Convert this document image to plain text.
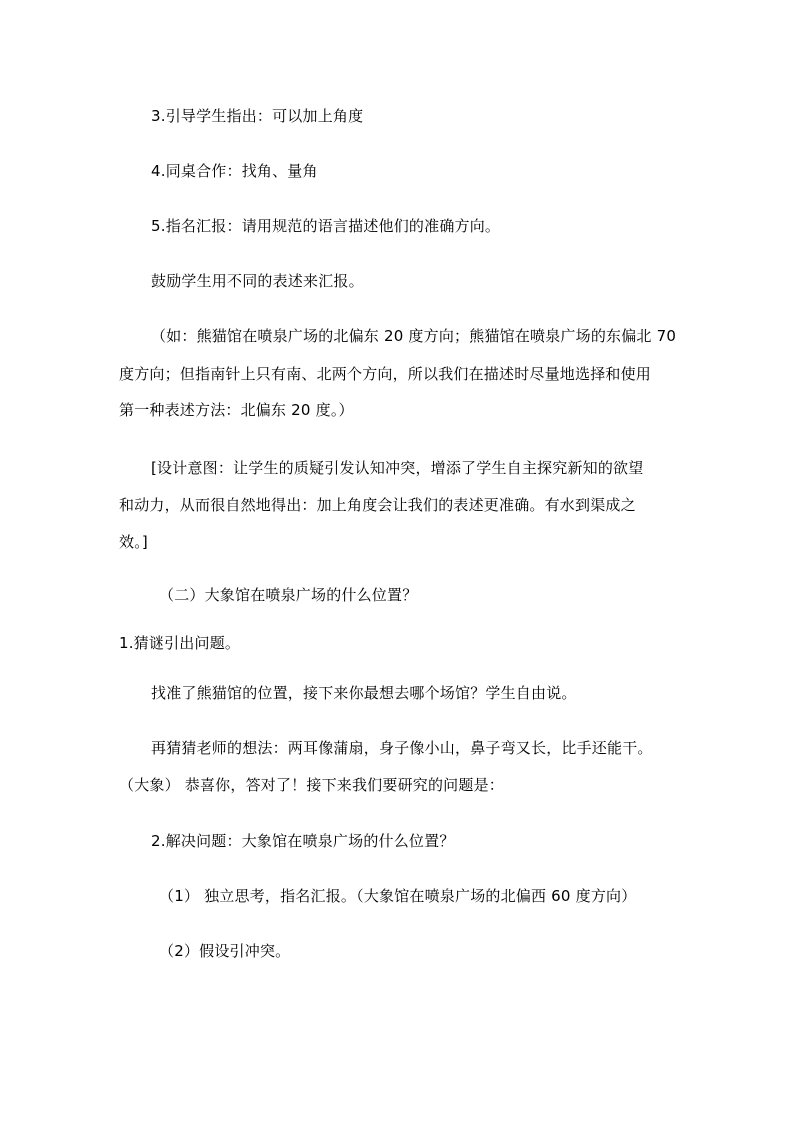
3.引导学生指出：可以加上角度
4.同桌合作：找角、量角
5.指名汇报：请用规范的语言描述他们的准确方向。
鼓励学生用不同的表述来汇报。
（如：熊猫馆在喷泉广场的北偏东 20 度方向；熊猫馆在喷泉广场的东偏北 70
度方向；但指南针上只有南、北两个方向，所以我们在描述时尽量地选择和使用
第一种表述方法：北偏东 20 度。）
[设计意图：让学生的质疑引发认知冲突，增添了学生自主探究新知的欲望
和动力，从而很自然地得出：加上角度会让我们的表述更准确。有水到渠成之
效。]
（二）大象馆在喷泉广场的什么位置？
1.猜谜引出问题。
找准了熊猫馆的位置，接下来你最想去哪个场馆？学生自由说。
再猜猜老师的想法：两耳像蒲扇，身子像小山，鼻子弯又长，比手还能干。
（大象） 恭喜你，答对了！接下来我们要研究的问题是：
2.解决问题：大象馆在喷泉广场的什么位置？
（1） 独立思考，指名汇报。（大象馆在喷泉广场的北偏西 60 度方向）
（2）假设引冲突。
